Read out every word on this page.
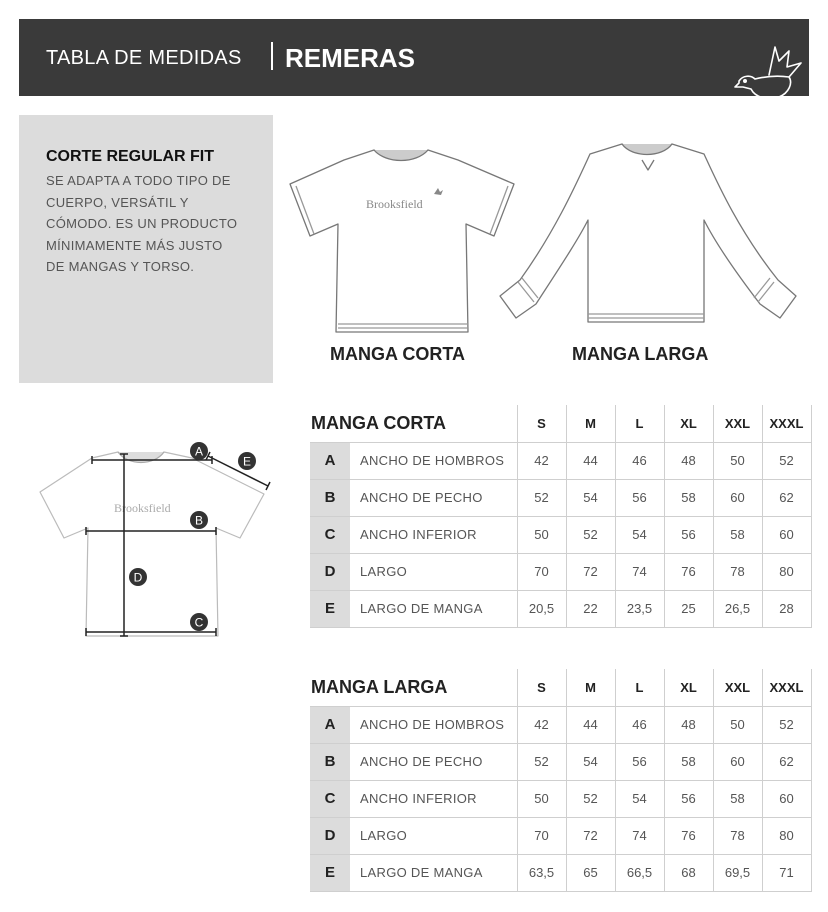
TABLA DE MEDIDAS REMERAS
CORTE REGULAR FIT
SE ADAPTA A TODO TIPO DE
CUERPO, VERSÁTIL Y
CÓMODO. ES UN PRODUCTO
MÍNIMAMENTE MÁS JUSTO
DE MANGAS Y TORSO.
Brooksfield
MANGA CORTA	MANGA LARGA
Brooksfield
A
E
B
D
C
MANGA CORTA		S	M	L	XL	XXL	XXXL
A	ANCHO DE HOMBROS	42	44	46	48	50	52
B	ANCHO DE PECHO	52	54	56	58	60	62
C	ANCHO INFERIOR	50	52	54	56	58	60
D	LARGO	70	72	74	76	78	80
E	LARGO DE MANGA	20,5	22	23,5	25	26,5	28
MANGA LARGA		S	M	L	XL	XXL	XXXL
A	ANCHO DE HOMBROS	42	44	46	48	50	52
B	ANCHO DE PECHO	52	54	56	58	60	62
C	ANCHO INFERIOR	50	52	54	56	58	60
D	LARGO	70	72	74	76	78	80
E	LARGO DE MANGA	63,5	65	66,5	68	69,5	71
